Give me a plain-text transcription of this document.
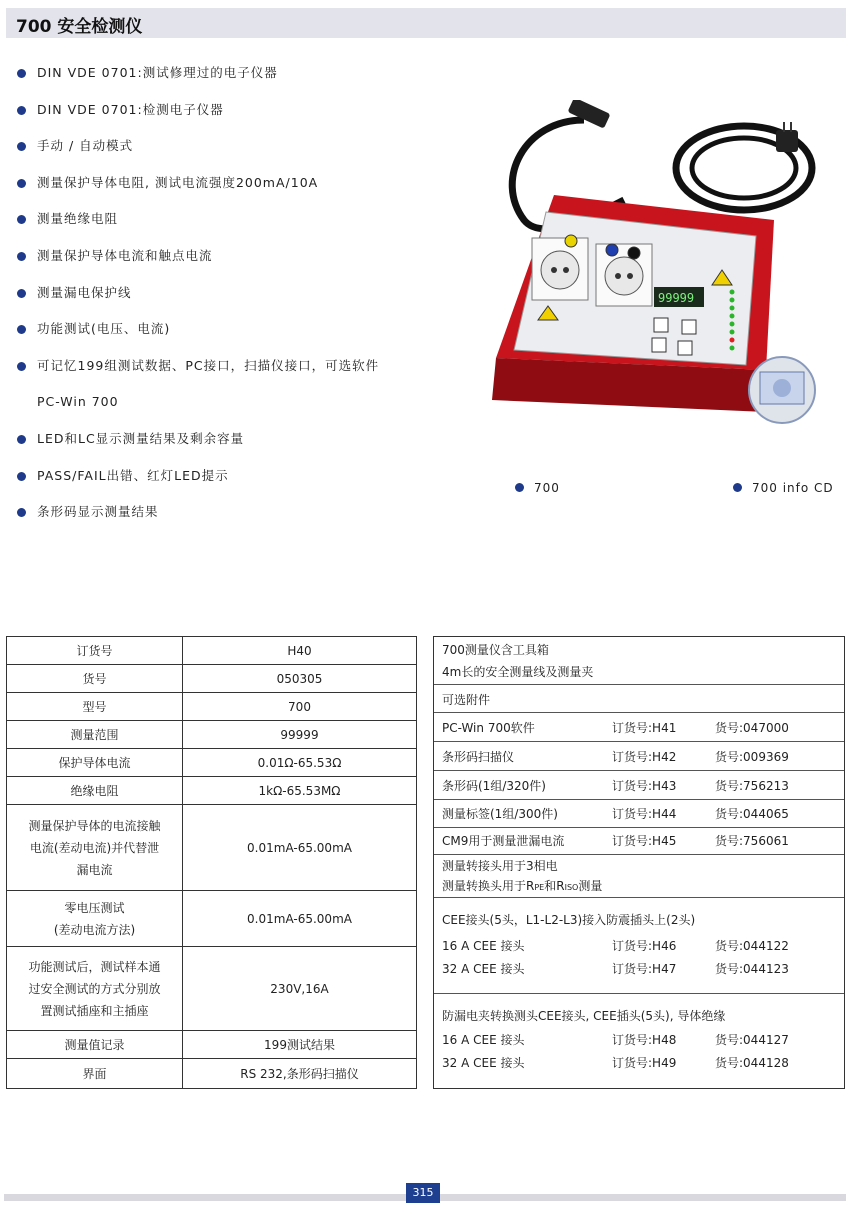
700 安全检测仪
DIN VDE 0701:测试修理过的电子仪器
DIN VDE 0701:检测电子仪器
手动 / 自动模式
测量保护导体电阻, 测试电流强度200mA/10A
测量绝缘电阻
测量保护导体电流和触点电流
测量漏电保护线
功能测试(电压、电流)
可记忆199组测试数据、PC接口，扫描仪接口，可选软件
PC-Win 700
LED和LC显示测量结果及剩余容量
PASS/FAIL出错、红灯LED提示
条形码显示测量结果
99999
700	700 info CD
订货号	H40
货号	050305
型号	700
测量范围	99999
保护导体电流	0.01Ω-65.53Ω
绝缘电阻	1kΩ-65.53MΩ

测量保护导体的电流接触
电流(差动电流)并代替泄
漏电流	0.01mA-65.00mA

零电压测试
(差动电流方法)	0.01mA-65.00mA

功能测试后，测试样本通
过安全测试的方式分别放
置测试插座和主插座	230V,16A
测量值记录	199测试结果
界面	RS 232,条形码扫描仪
700测量仪含工具箱
4m长的安全测量线及测量夹
可选附件
PC-Win 700软件	订货号:H41	货号:047000
条形码扫描仪	订货号:H42	货号:009369
条形码(1组/320件)	订货号:H43	货号:756213
测量标签(1组/300件)	订货号:H44	货号:044065
CM9用于测量泄漏电流	订货号:H45	货号:756061
测量转接头用于3相电
测量转换头用于RPE和RISO测量
CEE接头(5头，L1-L2-L3)接入防震插头上(2头)
16 A CEE 接头	订货号:H46	货号:044122
32 A CEE 接头	订货号:H47	货号:044123
防漏电夹转换测头CEE接头, CEE插头(5头), 导体绝缘
16 A CEE 接头	订货号:H48	货号:044127
32 A CEE 接头	订货号:H49	货号:044128
315
